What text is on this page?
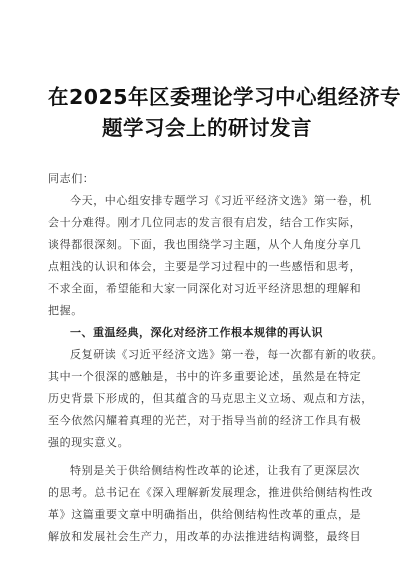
在2025年区委理论学习中心组经济专
题学习会上的研讨发言
同志们：
今天，中心组安排专题学习《习近平经济文选》第一卷，机
会十分难得。刚才几位同志的发言很有启发，结合工作实际，
谈得都很深刻。下面，我也围绕学习主题，从个人角度分享几
点粗浅的认识和体会，主要是学习过程中的一些感悟和思考，
不求全面，希望能和大家一同深化对习近平经济思想的理解和
把握。
一、重温经典，深化对经济工作根本规律的再认识
反复研读《习近平经济文选》第一卷，每一次都有新的收获。
其中一个很深的感触是，书中的许多重要论述，虽然是在特定
历史背景下形成的，但其蕴含的马克思主义立场、观点和方法，
至今依然闪耀着真理的光芒，对于指导当前的经济工作具有极
强的现实意义。
特别是关于供给侧结构性改革的论述，让我有了更深层次
的思考。总书记在《深入理解新发展理念，推进供给侧结构性改
革》这篇重要文章中明确指出，供给侧结构性改革的重点，是
解放和发展社会生产力，用改革的办法推进结构调整，最终目
